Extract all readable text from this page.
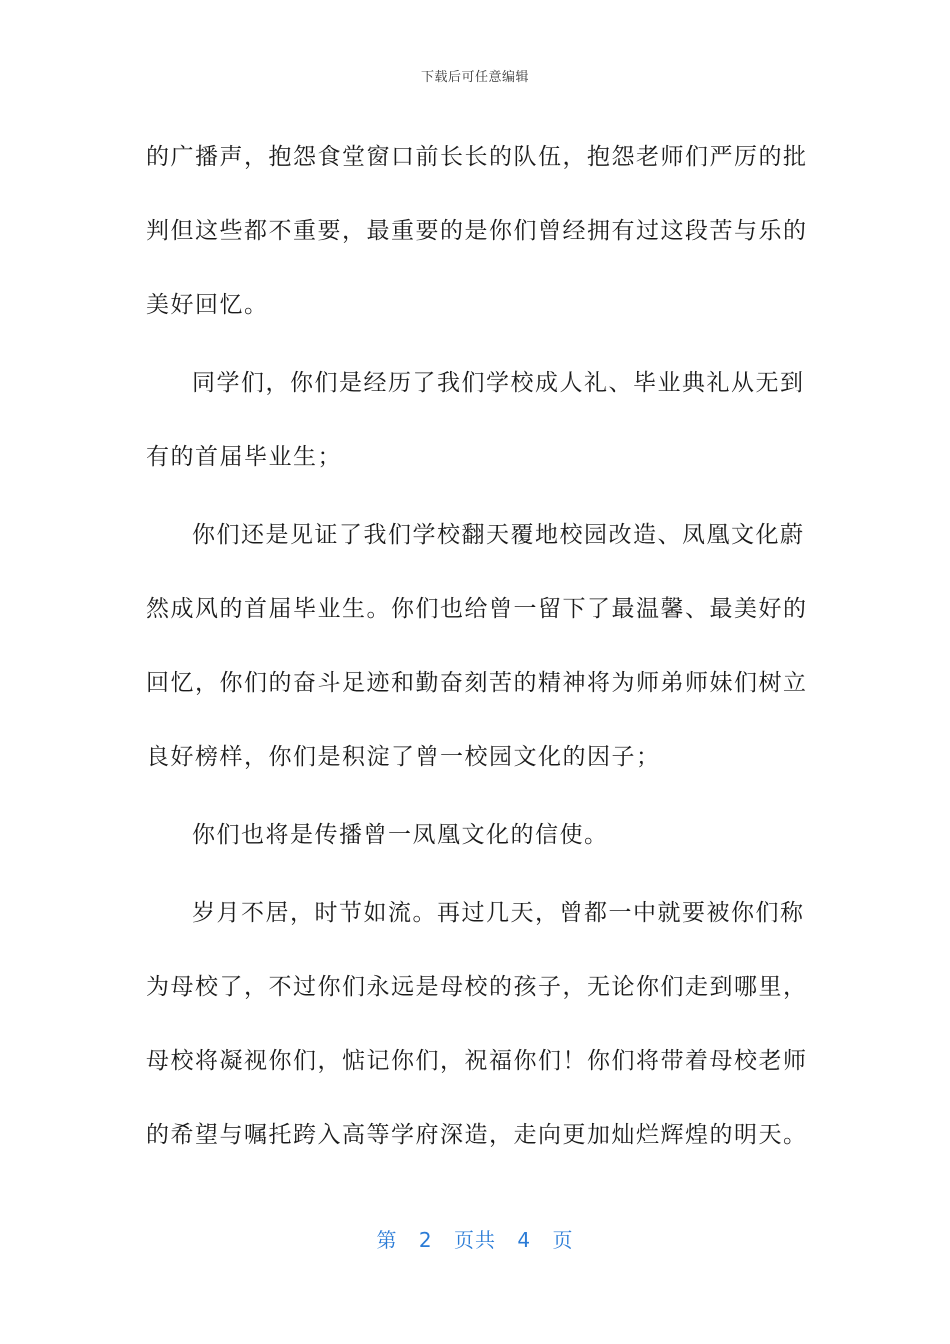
下载后可任意编辑
的广播声，抱怨食堂窗口前长长的队伍，抱怨老师们严厉的批
判但这些都不重要，最重要的是你们曾经拥有过这段苦与乐的
美好回忆。
同学们，你们是经历了我们学校成人礼、毕业典礼从无到
有的首届毕业生；
你们还是见证了我们学校翻天覆地校园改造、凤凰文化蔚
然成风的首届毕业生。你们也给曾一留下了最温馨、最美好的
回忆，你们的奋斗足迹和勤奋刻苦的精神将为师弟师妹们树立
良好榜样，你们是积淀了曾一校园文化的因子；
你们也将是传播曾一凤凰文化的信使。
岁月不居，时节如流。再过几天，曾都一中就要被你们称
为母校了，不过你们永远是母校的孩子，无论你们走到哪里，
母校将凝视你们，惦记你们，祝福你们！你们将带着母校老师
的希望与嘱托跨入高等学府深造，走向更加灿烂辉煌的明天。
第 2 页共 4 页
